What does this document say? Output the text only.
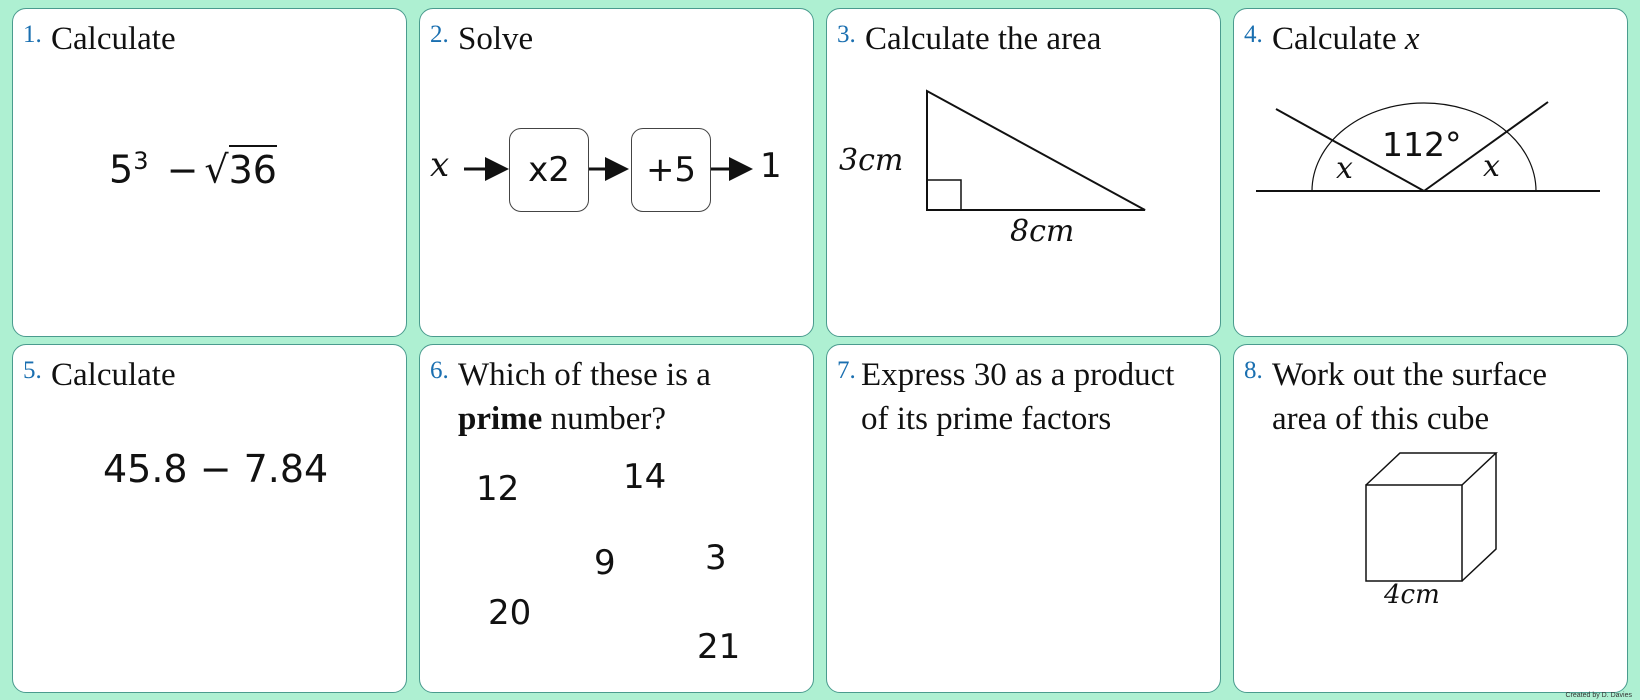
1. Calculate
$5^3 - √36$
2. Solve
x	x2	+5	1
3. Calculate the area
3cm
8cm
4. Calculate x
112°
x	x
5. Calculate
45.8 − 7.84
6. Which of these is a
prime number?
12	14
9	3
20
21
7. Express 30 as a product
of its prime factors
8. Work out the surface
area of this cube
4cm
Created by D. Davies
